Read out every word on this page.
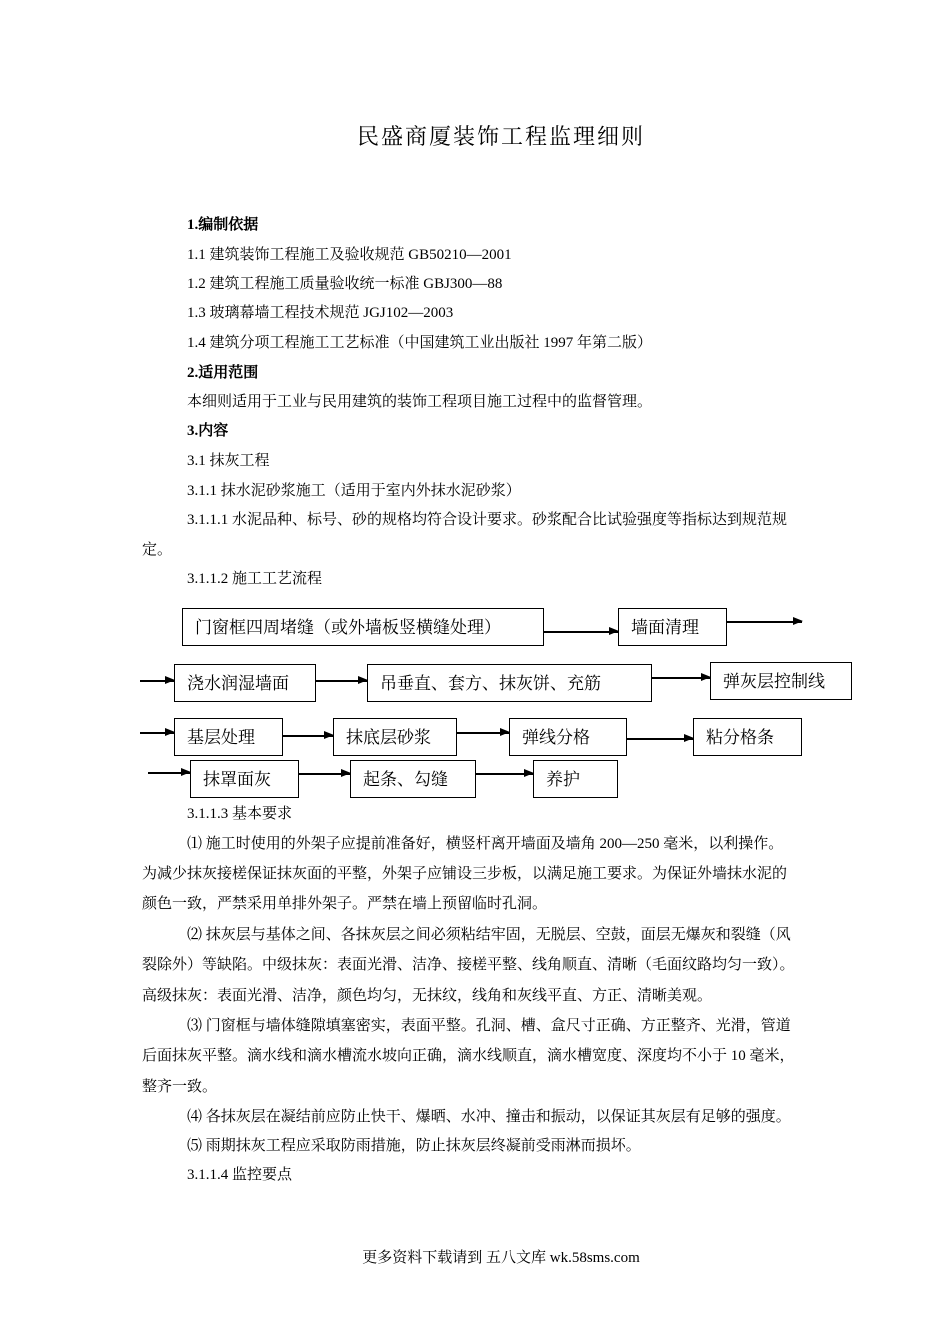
民盛商厦装饰工程监理细则
1.编制依据
1.1 建筑装饰工程施工及验收规范 GB50210—2001
1.2 建筑工程施工质量验收统一标准 GBJ300—88
1.3 玻璃幕墙工程技术规范 JGJ102—2003
1.4 建筑分项工程施工工艺标准（中国建筑工业出版社 1997 年第二版）
2.适用范围
本细则适用于工业与民用建筑的装饰工程项目施工过程中的监督管理。
3.内容
3.1 抹灰工程
3.1.1 抹水泥砂浆施工（适用于室内外抹水泥砂浆）
3.1.1.1 水泥品种、标号、砂的规格均符合设计要求。砂浆配合比试验强度等指标达到规范规
定。
3.1.1.2 施工工艺流程
门窗框四周堵缝（或外墙板竖横缝处理）	墙面清理
浇水润湿墙面	吊垂直、套方、抹灰饼、充筋	弹灰层控制线
基层处理	抹底层砂浆	弹线分格	粘分格条
抹罩面灰	起条、勾缝	养护
3.1.1.3 基本要求
⑴ 施工时使用的外架子应提前准备好，横竖杆离开墙面及墙角 200—250 毫米，以利操作。
为减少抹灰接槎保证抹灰面的平整，外架子应铺设三步板，以满足施工要求。为保证外墙抹水泥的
颜色一致，严禁采用单排外架子。严禁在墙上预留临时孔洞。
⑵ 抹灰层与基体之间、各抹灰层之间必须粘结牢固，无脱层、空鼓，面层无爆灰和裂缝（风
裂除外）等缺陷。中级抹灰：表面光滑、洁净、接槎平整、线角顺直、清晰（毛面纹路均匀一致）。
高级抹灰：表面光滑、洁净，颜色均匀，无抹纹，线角和灰线平直、方正、清晰美观。
⑶ 门窗框与墙体缝隙填塞密实，表面平整。孔洞、槽、盒尺寸正确、方正整齐、光滑，管道
后面抹灰平整。滴水线和滴水槽流水坡向正确，滴水线顺直，滴水槽宽度、深度均不小于 10 毫米，
整齐一致。
⑷ 各抹灰层在凝结前应防止快干、爆晒、水冲、撞击和振动，以保证其灰层有足够的强度。
⑸ 雨期抹灰工程应采取防雨措施，防止抹灰层终凝前受雨淋而损坏。
3.1.1.4 监控要点
更多资料下载请到 五八文库 wk.58sms.com
